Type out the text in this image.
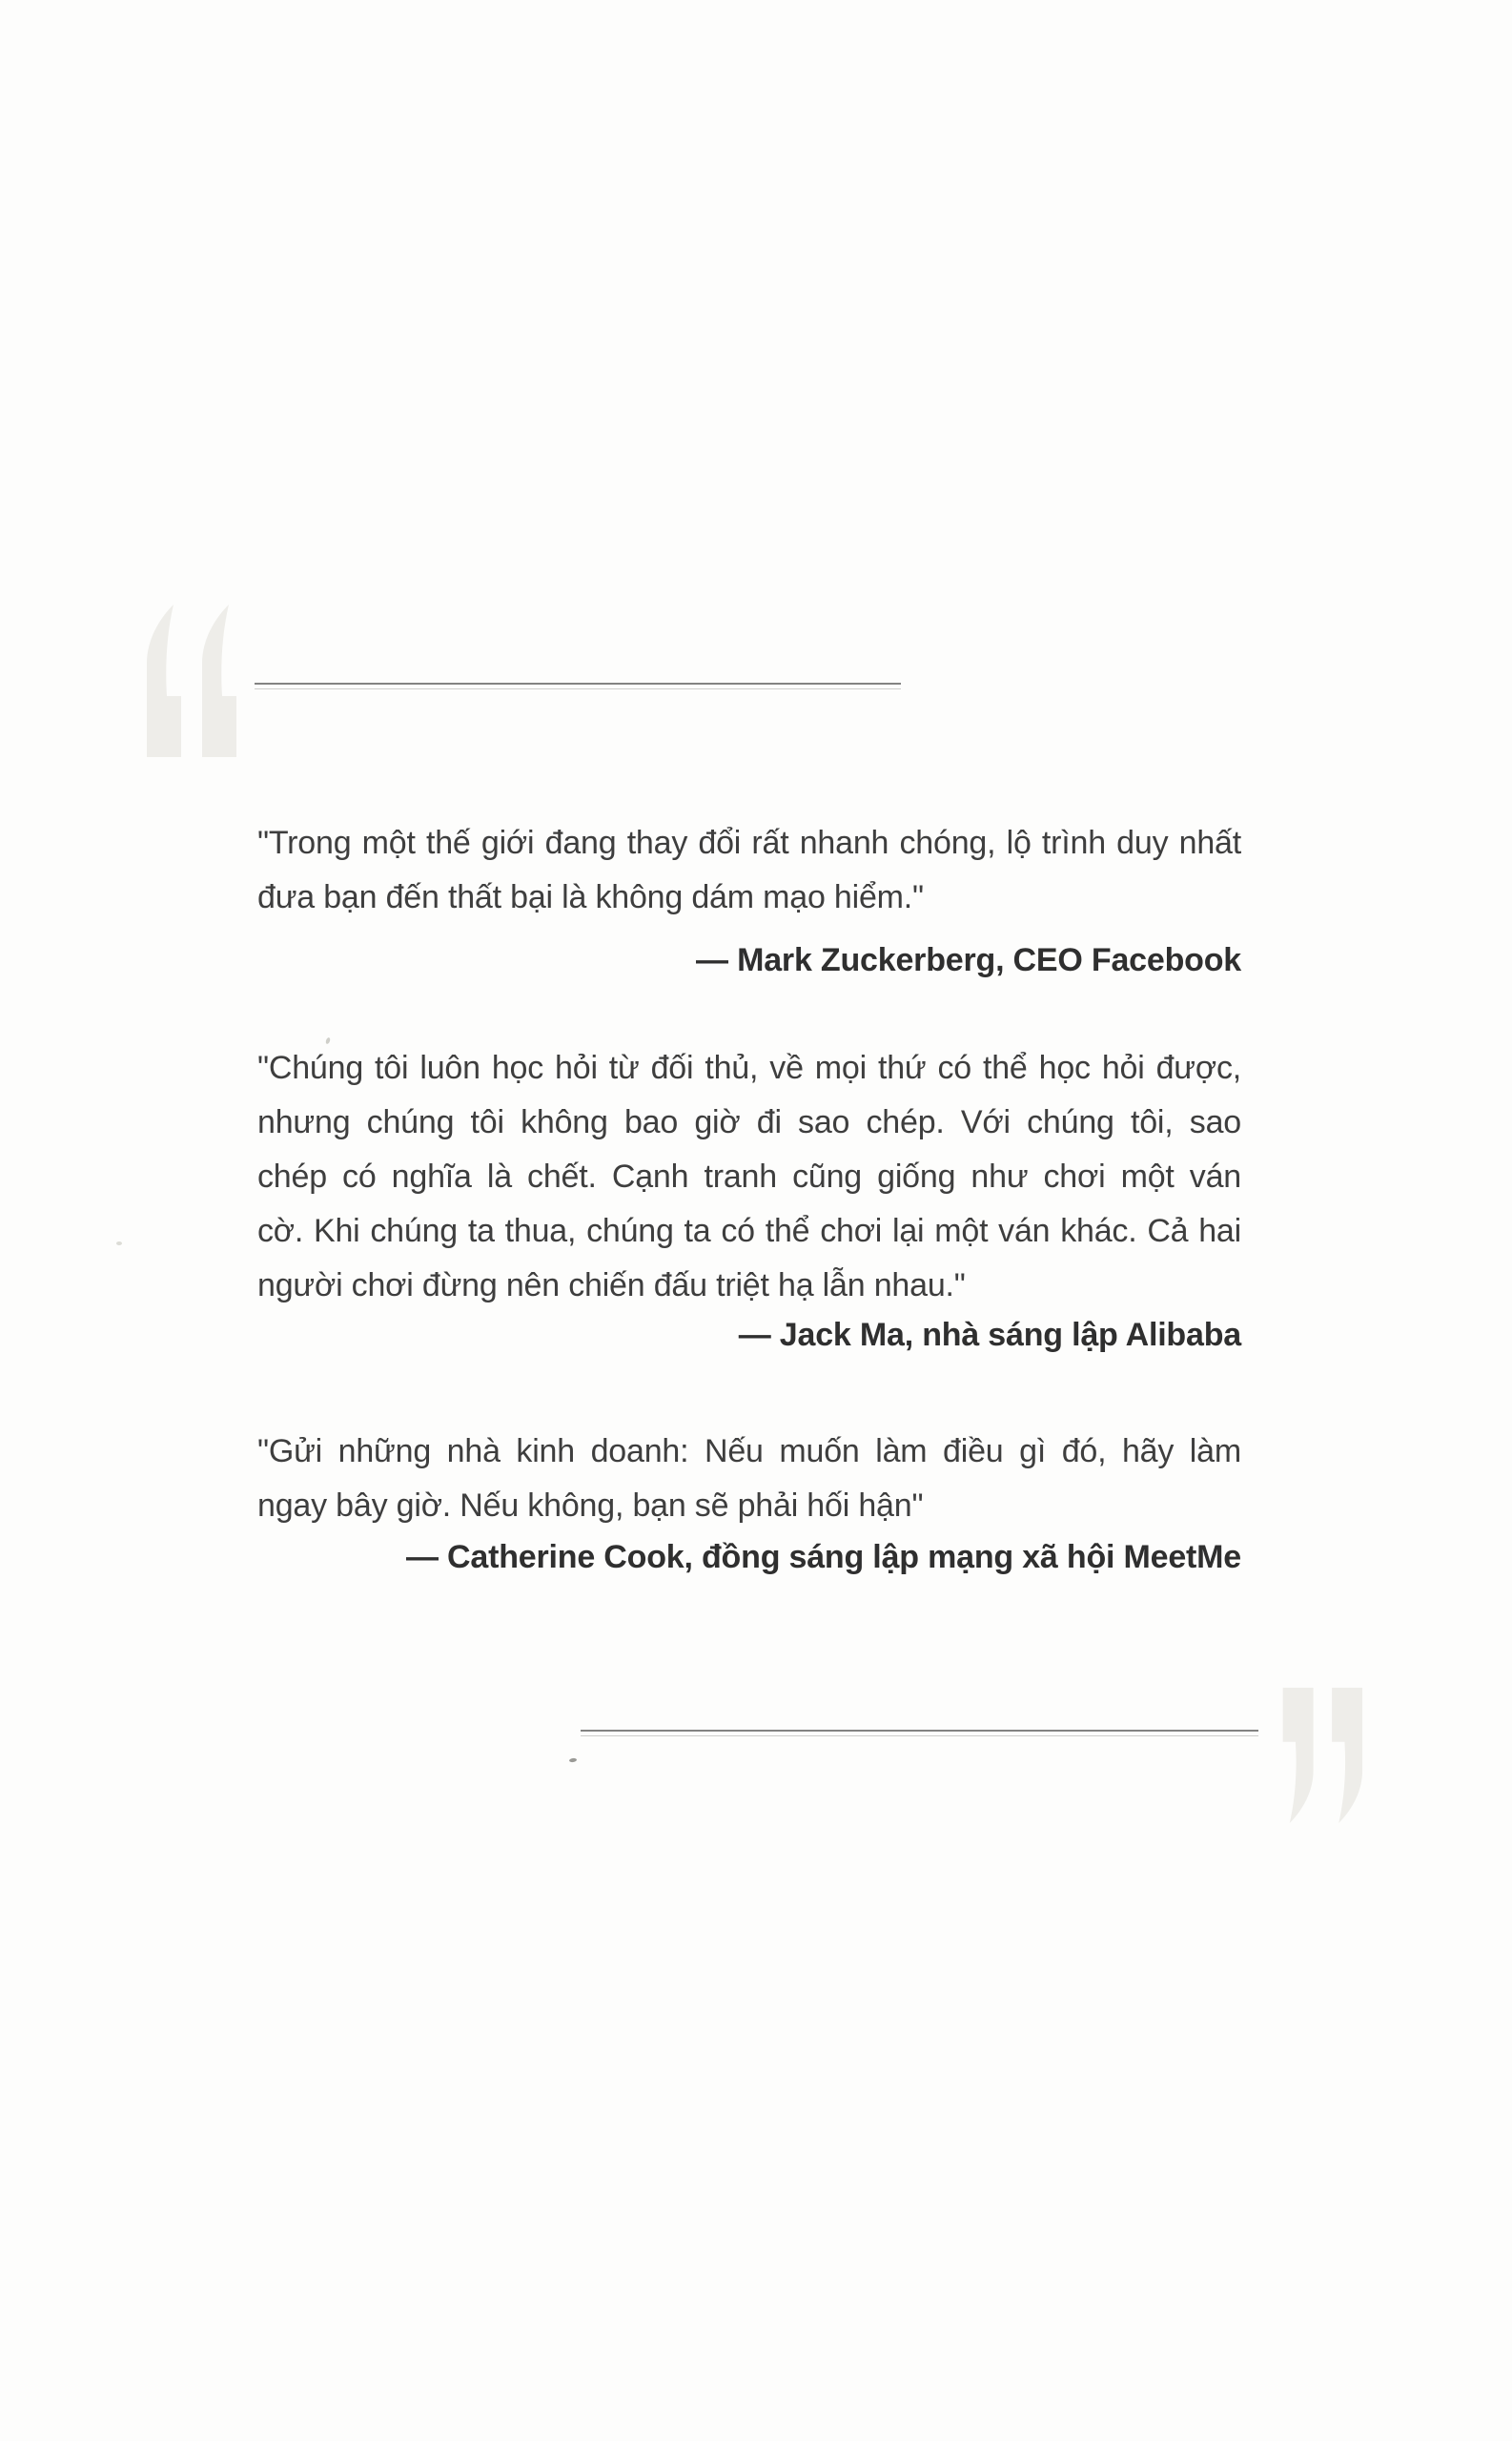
"Trong một thế giới đang thay đổi rất nhanh chóng, lộ trình duy nhất
đưa bạn đến thất bại là không dám mạo hiểm."
— Mark Zuckerberg, CEO Facebook
"Chúng tôi luôn học hỏi từ đối thủ, về mọi thứ có thể học hỏi được,
nhưng chúng tôi không bao giờ đi sao chép. Với chúng tôi, sao
chép có nghĩa là chết. Cạnh tranh cũng giống như chơi một ván
cờ. Khi chúng ta thua, chúng ta có thể chơi lại một ván khác. Cả hai
người chơi đừng nên chiến đấu triệt hạ lẫn nhau."
— Jack Ma, nhà sáng lập Alibaba
"Gửi những nhà kinh doanh: Nếu muốn làm điều gì đó, hãy làm
ngay bây giờ. Nếu không, bạn sẽ phải hối hận"
— Catherine Cook, đồng sáng lập mạng xã hội MeetMe
